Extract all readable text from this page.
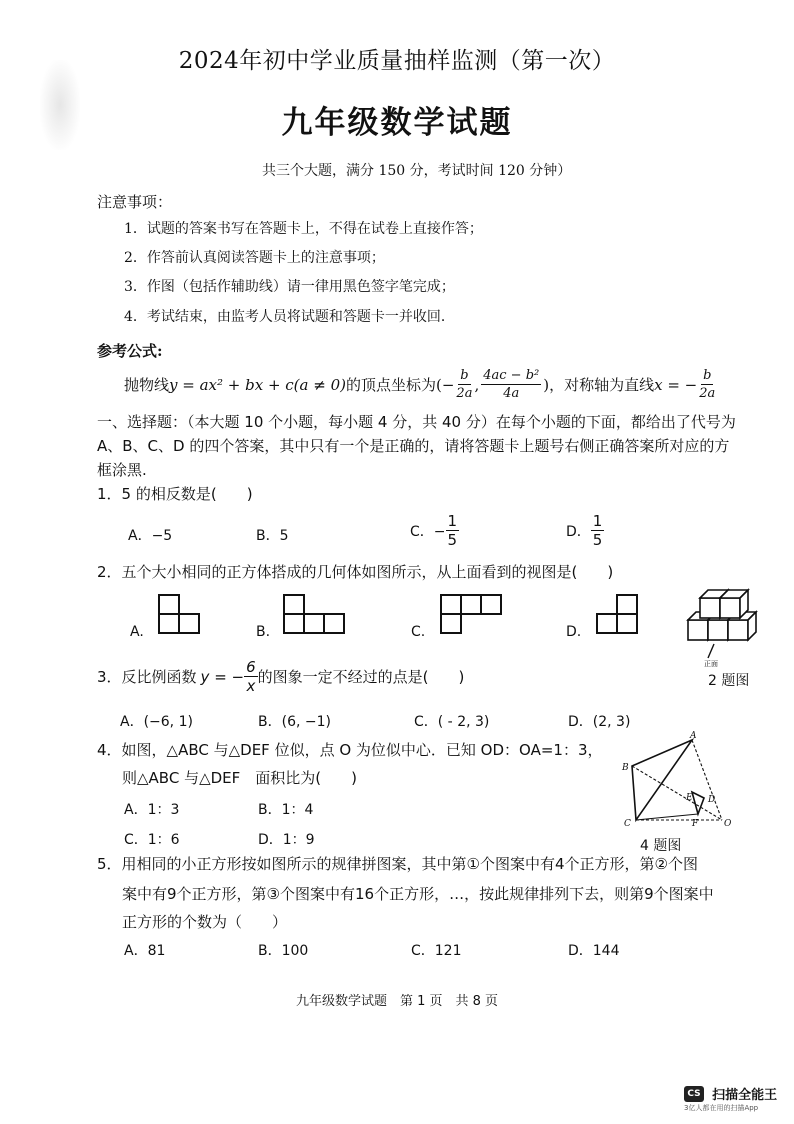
2024年初中学业质量抽样监测（第一次）
九年级数学试题
共三个大题，满分 150 分，考试时间 120 分钟）
注意事项：
1．试题的答案书写在答题卡上，不得在试卷上直接作答；
2．作答前认真阅读答题卡上的注意事项；
3．作图（包括作辅助线）请一律用黑色签字笔完成；
4．考试结束，由监考人员将试题和答题卡一并收回．
参考公式:
抛物线 y = ax² + bx + c(a ≠ 0) 的顶点坐标为( − $\frac{b}{2a}$ , $\frac{\text{4ac − b²}}{4a}$ )，对称轴为直线 x = − $\frac{b}{2a}$
一、选择题：（本大题 10 个小题，每小题 4 分，共 40 分）在每个小题的下面，都给出了代号为 A、B、C、D 的四个答案，其中只有一个是正确的，请将答题卡上题号右侧正确答案所对应的方框涂黑.
1．5 的相反数是(　　)
A．−5	B．5	C．− $\frac{1}{5}$	D． $\frac{1}{5}$
2．五个大小相同的正方体搭成的几何体如图所示，从上面看到的视图是(　　)
A.	B.	C.	D.
正面
2 题图
3．反比例函数 y = − $\frac{6}{x}$ 的图象一定不经过的点是(　　)
A．(−6, 1)	B．(6, −1)	C．( - 2, 3)	D．(2, 3)
4．如图，△ABC 与△DEF 位似，点 O 为位似中心．已知 OD：OA=1：3，
则△ABC 与△DEF　面积比为(　　)
A．1：3	B．1：4
C．1：6	D．1：9
A
B
C
D
E
F	O
4 题图
5．用相同的小正方形按如图所示的规律拼图案，其中第①个图案中有4个正方形，第②个图
案中有9个正方形，第③个图案中有16个正方形，…，按此规律排列下去，则第9个图案中
正方形的个数为（　　）
A．81	B．100	C．121	D．144
九年级数学试题　第 1 页　共 8 页
CS 扫描全能王
3亿人都在用的扫描App
